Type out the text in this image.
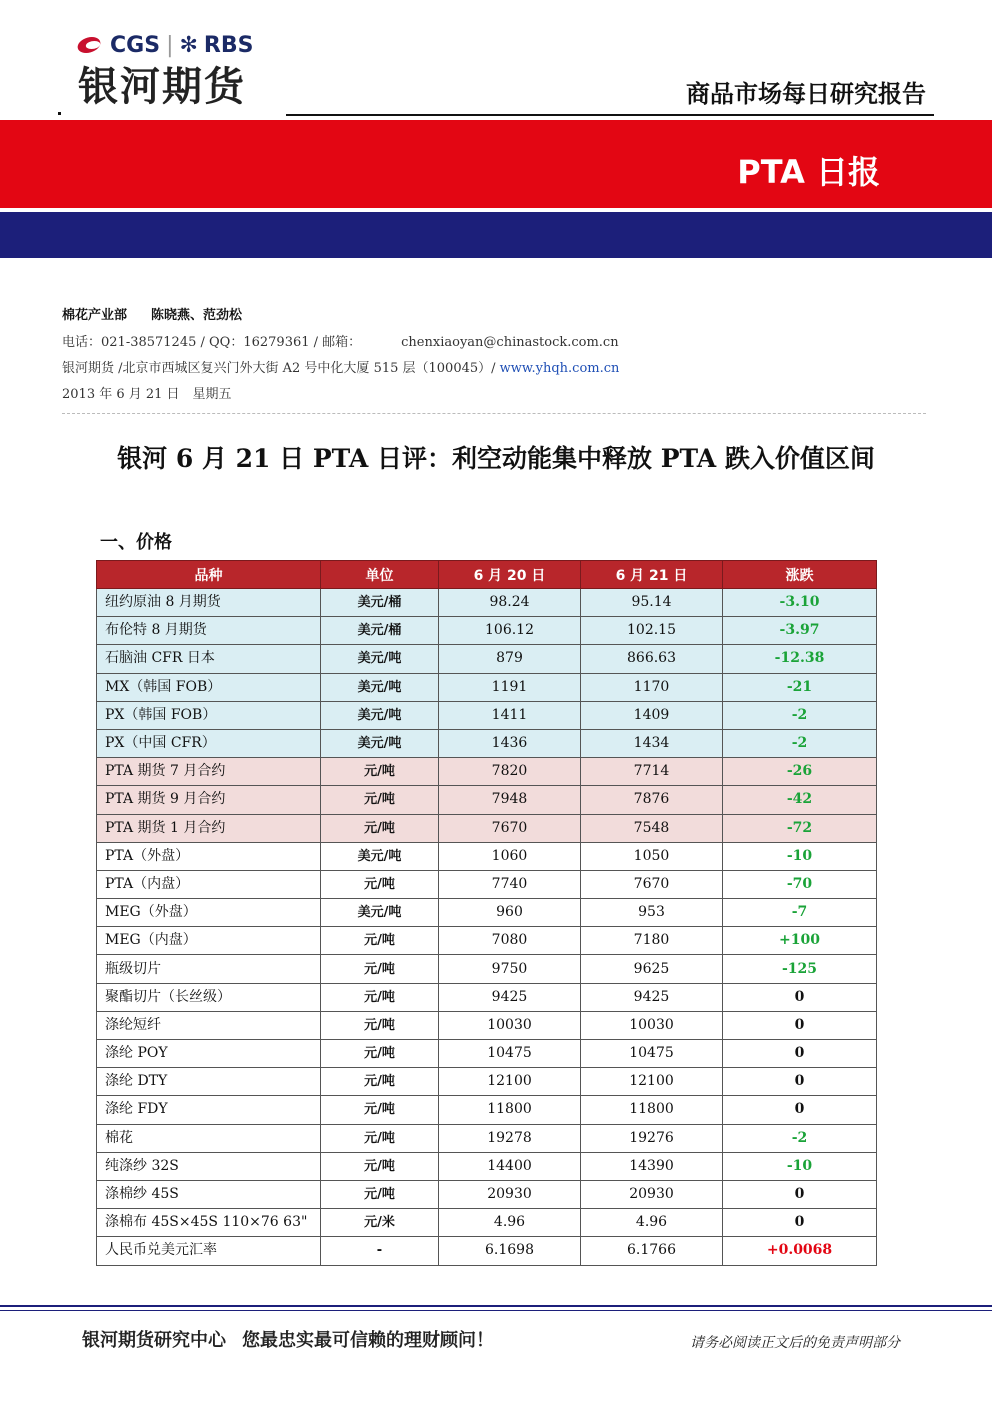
CGS | ✻ RBS
银河期货	商品市场每日研究报告
PTA 日报
棉花产业部 陈晓燕、范劲松
电话：021-38571245 / QQ：16279361 / 邮箱：	chenxiaoyan@chinastock.com.cn
银河期货 /北京市西城区复兴门外大街 A2 号中化大厦 515 层（100045）/ www.yhqh.com.cn
2013 年 6 月 21 日　星期五
银河 6 月 21 日 PTA 日评：利空动能集中释放 PTA 跌入价值区间
一、价格
品种	单位	6 月 20 日	6 月 21 日	涨跌
纽约原油 8 月期货	美元/桶	98.24	95.14	-3.10
布伦特 8 月期货	美元/桶	106.12	102.15	-3.97
石脑油 CFR 日本	美元/吨	879	866.63	-12.38
MX（韩国 FOB）	美元/吨	1191	1170	-21
PX（韩国 FOB）	美元/吨	1411	1409	-2
PX（中国 CFR）	美元/吨	1436	1434	-2
PTA 期货 7 月合约	元/吨	7820	7714	-26
PTA 期货 9 月合约	元/吨	7948	7876	-42
PTA 期货 1 月合约	元/吨	7670	7548	-72
PTA（外盘）	美元/吨	1060	1050	-10
PTA（内盘）	元/吨	7740	7670	-70
MEG（外盘）	美元/吨	960	953	-7
MEG（内盘）	元/吨	7080	7180	+100
瓶级切片	元/吨	9750	9625	-125
聚酯切片（长丝级）	元/吨	9425	9425	0
涤纶短纤	元/吨	10030	10030	0
涤纶 POY	元/吨	10475	10475	0
涤纶 DTY	元/吨	12100	12100	0
涤纶 FDY	元/吨	11800	11800	0
棉花	元/吨	19278	19276	-2
纯涤纱 32S	元/吨	14400	14390	-10
涤棉纱 45S	元/吨	20930	20930	0
涤棉布 45S×45S 110×76 63"	元/米	4.96	4.96	0
人民币兑美元汇率	-	6.1698	6.1766	+0.0068
银河期货研究中心 您最忠实最可信赖的理财顾问！	请务必阅读正文后的免责声明部分
